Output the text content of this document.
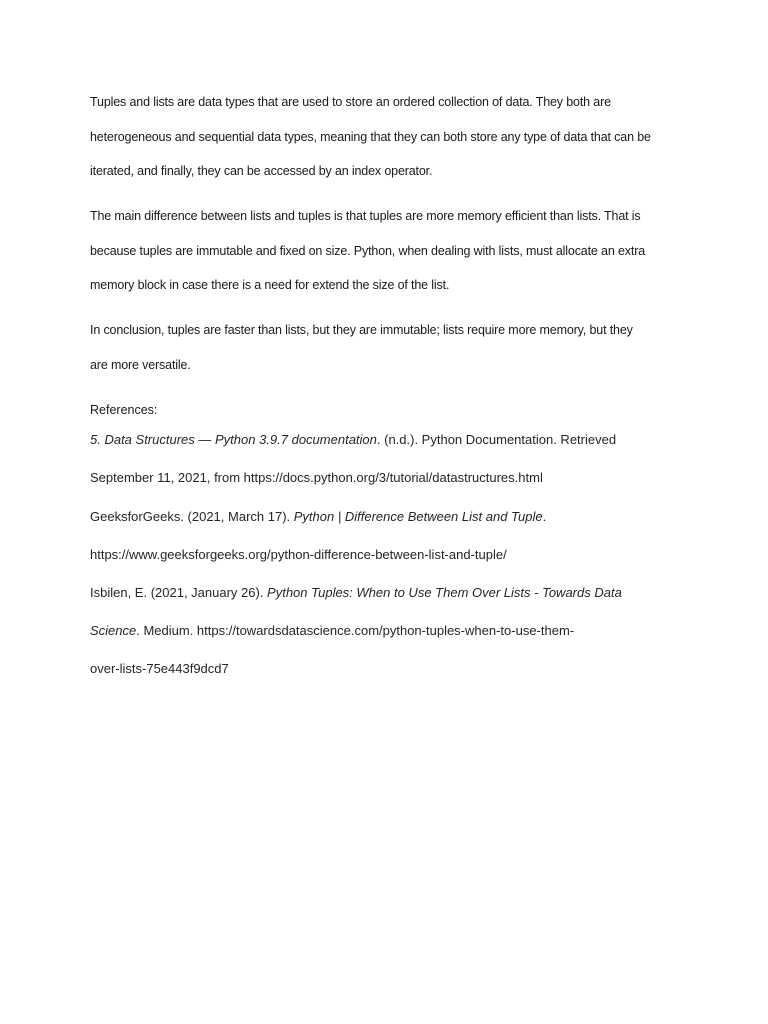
Tuples and lists are data types that are used to store an ordered collection of data. They both are
heterogeneous and sequential data types, meaning that they can both store any type of data that can be
iterated, and finally, they can be accessed by an index operator.

The main difference between lists and tuples is that tuples are more memory efficient than lists. That is
because tuples are immutable and fixed on size. Python, when dealing with lists, must allocate an extra
memory block in case there is a need for extend the size of the list.

In conclusion, tuples are faster than lists, but they are immutable; lists require more memory, but they
are more versatile.

References:

5. Data Structures — Python 3.9.7 documentation. (n.d.). Python Documentation. Retrieved
September 11, 2021, from https://docs.python.org/3/tutorial/datastructures.html

GeeksforGeeks. (2021, March 17). Python | Difference Between List and Tuple.
https://www.geeksforgeeks.org/python-difference-between-list-and-tuple/

Isbilen, E. (2021, January 26). Python Tuples: When to Use Them Over Lists - Towards Data
Science. Medium. https://towardsdatascience.com/python-tuples-when-to-use-them-
over-lists-75e443f9dcd7
